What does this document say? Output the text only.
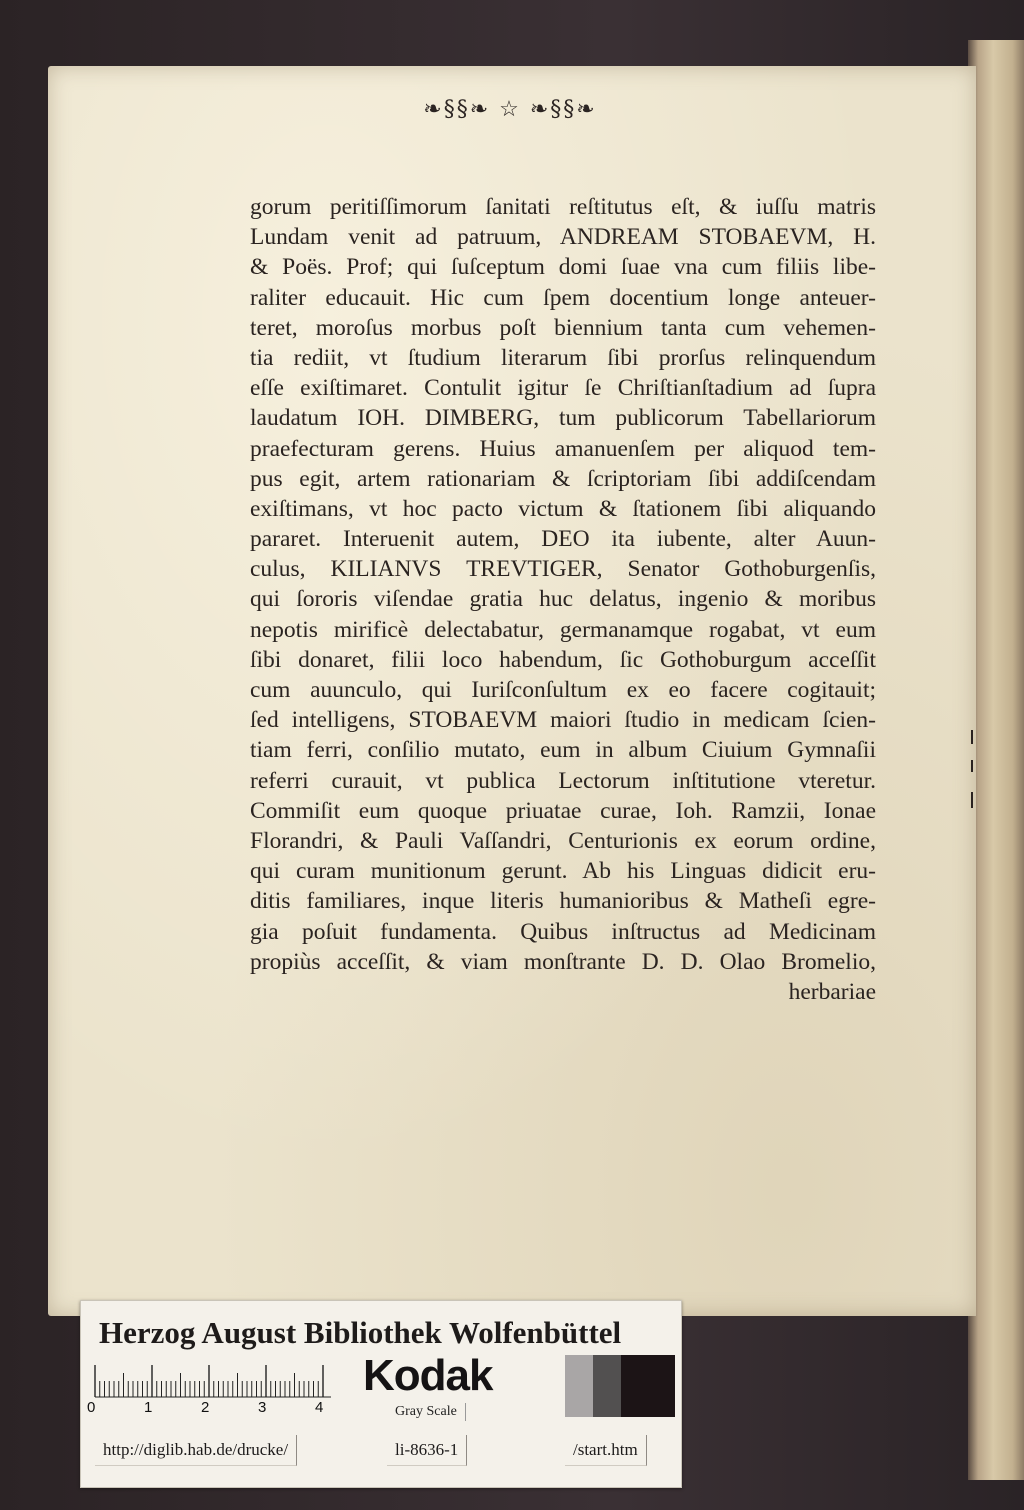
❧§§❧ ☆ ❧§§❧
gorum peritiſſimorum ſanitati reſtitutus eſt, & iuſſu matris
Lundam venit ad patruum, ANDREAM STOBAEVM, H.
& Poës. Prof; qui ſuſceptum domi ſuae vna cum filiis libe-
raliter educauit. Hic cum ſpem docentium longe anteuer-
teret, moroſus morbus poſt biennium tanta cum vehemen-
tia rediit, vt ſtudium literarum ſibi prorſus relinquendum
eſſe exiſtimaret. Contulit igitur ſe Chriſtianſtadium ad ſupra
laudatum IOH. DIMBERG, tum publicorum Tabellariorum
praefecturam gerens. Huius amanuenſem per aliquod tem-
pus egit, artem rationariam & ſcriptoriam ſibi addiſcendam
exiſtimans, vt hoc pacto victum & ſtationem ſibi aliquando
pararet. Interuenit autem, DEO ita iubente, alter Auun-
culus, KILIANVS TREVTIGER, Senator Gothoburgenſis,
qui ſororis viſendae gratia huc delatus, ingenio & moribus
nepotis mirificè delectabatur, germanamque rogabat, vt eum
ſibi donaret, filii loco habendum, ſic Gothoburgum acceſſit
cum auunculo, qui Iuriſconſultum ex eo facere cogitauit;
ſed intelligens, STOBAEVM maiori ſtudio in medicam ſcien-
tiam ferri, conſilio mutato, eum in album Ciuium Gymnaſii
referri curauit, vt publica Lectorum inſtitutione vteretur.
Commiſit eum quoque priuatae curae, Ioh. Ramzii, Ionae
Florandri, & Pauli Vaſſandri, Centurionis ex eorum ordine,
qui curam munitionum gerunt. Ab his Linguas didicit eru-
ditis familiares, inque literis humanioribus & Matheſi egre-
gia poſuit fundamenta. Quibus inſtructus ad Medicinam
propiùs acceſſit, & viam monſtrante D. D. Olao Bromelio,
herbariae
Herzog August Bibliothek Wolfenbüttel
0	1	2	3	4
Kodak
Gray Scale
http://diglib.hab.de/drucke/	li-8636-1	/start.htm
